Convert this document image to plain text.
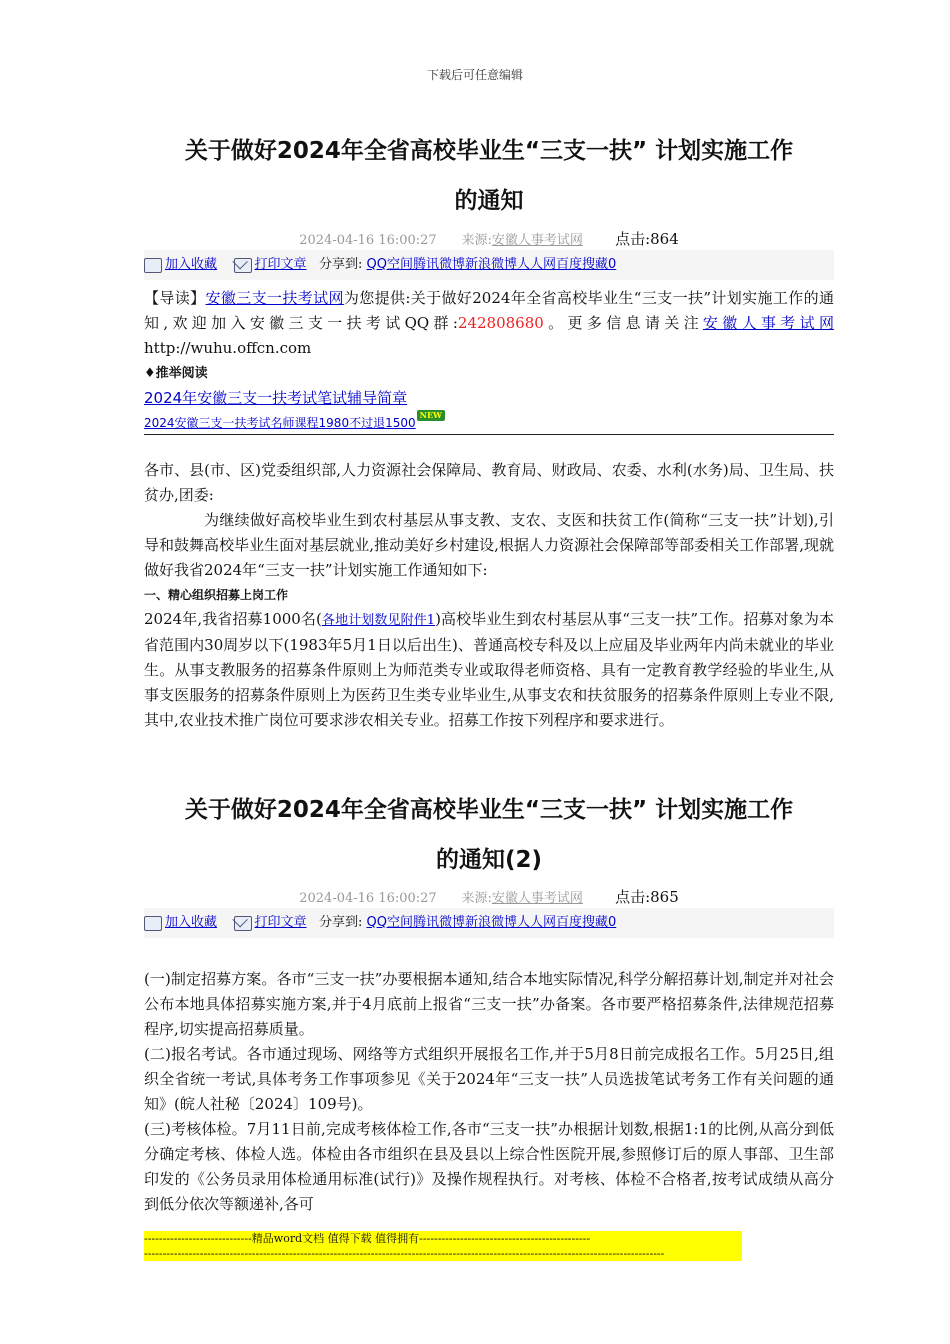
下载后可任意编辑
关于做好2024年全省高校毕业生“三支一扶” 计划实施工作
的通知
2024-04-16 16:00:27 来源:安徽人事考试网 点击:864
加入收藏	打印文章 分享到: QQ空间腾讯微博新浪微博人人网百度搜藏0

【导读】安徽三支一扶考试网为您提供:关于做好2024年全省高校毕业生“三支一扶”计划实施工作的通知,欢迎加入安徽三支一扶考试QQ群:242808680。更多信息请关注安徽人事考试网 http://wuhu.offcn.com

♦推举阅读
2024年安徽三支一扶考试笔试辅导简章
2024安徽三支一扶考试名师课程1980不过退1500NEW

各市、县(市、区)党委组织部,人力资源社会保障局、教育局、财政局、农委、水利(水务)局、卫生局、扶贫办,团委:

为继续做好高校毕业生到农村基层从事支教、支农、支医和扶贫工作(简称“三支一扶”计划),引导和鼓舞高校毕业生面对基层就业,推动美好乡村建设,根据人力资源社会保障部等部委相关工作部署,现就做好我省2024年“三支一扶”计划实施工作通知如下:

一、精心组织招募上岗工作

2024年,我省招募1000名(各地计划数见附件1)高校毕业生到农村基层从事“三支一扶”工作。招募对象为本省范围内30周岁以下(1983年5月1日以后出生)、普通高校专科及以上应届及毕业两年内尚未就业的毕业生。从事支教服务的招募条件原则上为师范类专业或取得老师资格、具有一定教育教学经验的毕业生,从事支医服务的招募条件原则上为医药卫生类专业毕业生,从事支农和扶贫服务的招募条件原则上专业不限,其中,农业技术推广岗位可要求涉农相关专业。招募工作按下列程序和要求进行。

关于做好2024年全省高校毕业生“三支一扶” 计划实施工作
的通知(2)
2024-04-16 16:00:27 来源:安徽人事考试网 点击:865
加入收藏	打印文章 分享到: QQ空间腾讯微博新浪微博人人网百度搜藏0

(一)制定招募方案。各市“三支一扶”办要根据本通知,结合本地实际情况,科学分解招募计划,制定并对社会公布本地具体招募实施方案,并于4月底前上报省“三支一扶”办备案。各市要严格招募条件,法律规范招募程序,切实提高招募质量。

(二)报名考试。各市通过现场、网络等方式组织开展报名工作,并于5月8日前完成报名工作。5月25日,组织全省统一考试,具体考务工作事项参见《关于2024年“三支一扶”人员选拔笔试考务工作有关问题的通知》(皖人社秘〔2024〕109号)。

(三)考核体检。7月11日前,完成考核体检工作,各市“三支一扶”办根据计划数,根据1:1的比例,从高分到低分确定考核、体检人选。体检由各市组织在县及县以上综合性医院开展,参照修订后的原人事部、卫生部印发的《公务员录用体检通用标准(试行)》及操作规程执行。对考核、体检不合格者,按考试成绩从高分到低分依次等额递补,各可

-----------------------------精品word文档 值得下载 值得拥有----------------------------------------------
--------------------------------------------------------------------------------------------------------------------------------------------
